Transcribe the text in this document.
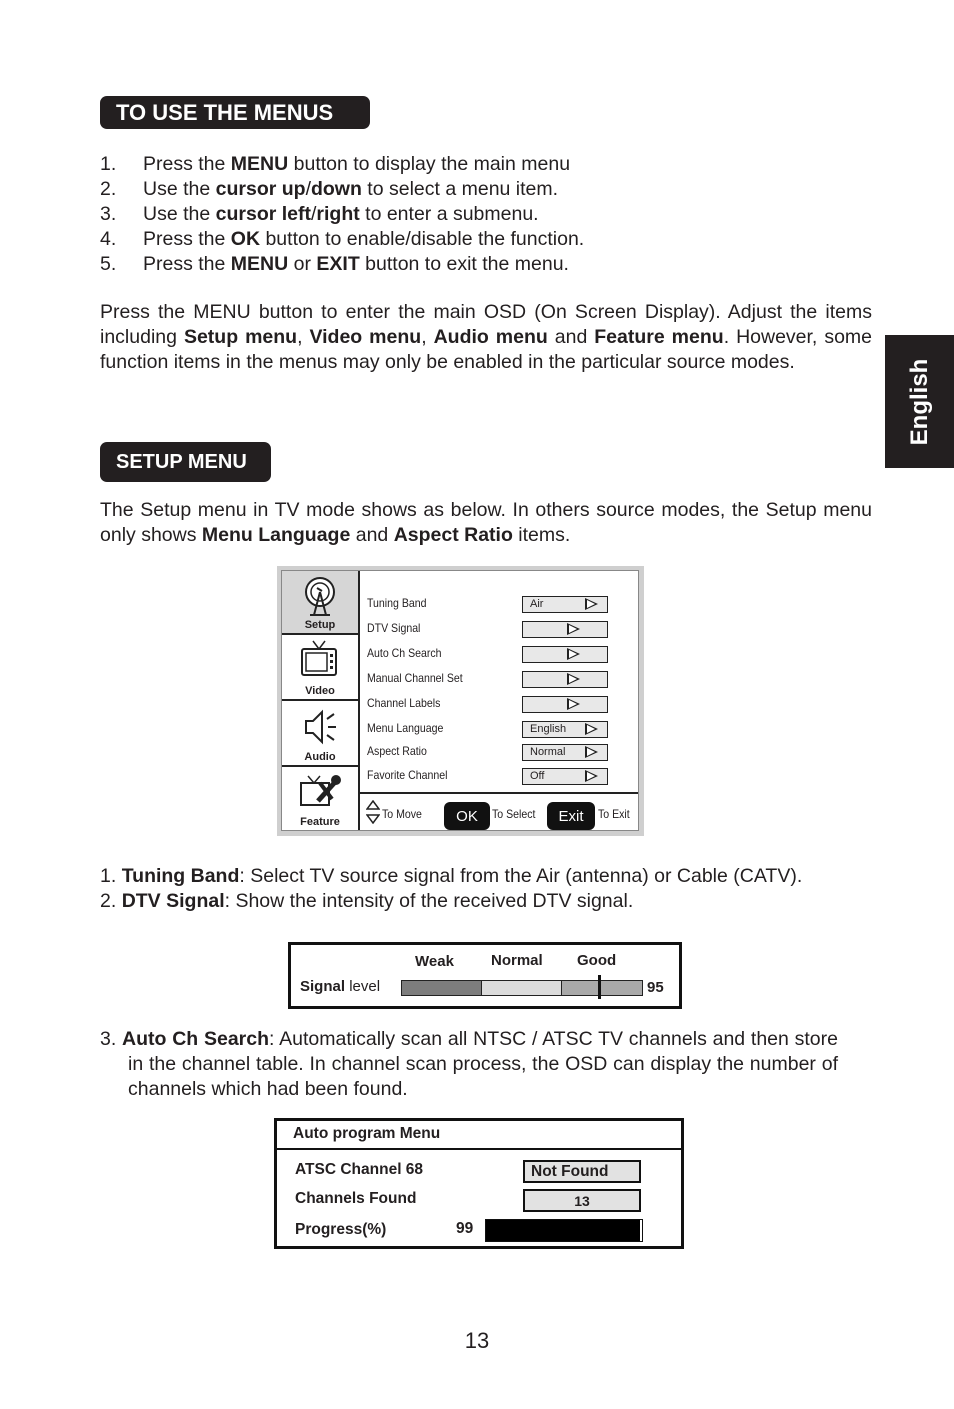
TO USE THE MENUS
1. Press the MENU button to display the main menu
2. Use the cursor up/down to select a menu item.
3. Use the cursor left/right to enter a submenu.
4. Press the OK button to enable/disable the function.
5. Press the MENU or EXIT button to exit the menu.
Press the MENU button to enter the main OSD (On Screen Display). Adjust the items including Setup menu, Video menu, Audio menu and Feature menu. However, some function items in the menus may only be enabled in the particular source modes.	English
SETUP MENU
The Setup menu in TV mode shows as below. In others source modes, the Setup menu only shows Menu Language and Aspect Ratio items.
Setup
Video
Audio
Feature
Tuning Band	Air
DTV Signal
Auto Ch Search
Manual Channel Set
Channel Labels
Menu Language	English
Aspect Ratio	Normal
Favorite Channel	Off
To Move OK To Select Exit To Exit
1. Tuning Band: Select TV source signal from the Air (antenna) or Cable (CATV).
2. DTV Signal: Show the intensity of the received DTV signal.
Weak Normal Good
Signal level	95
3. Auto Ch Search: Automatically scan all NTSC / ATSC TV channels and then store in the channel table. In channel scan process, the OSD can display the number of channels which had been found.
Auto program Menu
ATSC Channel 68	Not Found
Channels Found	13
Progress(%)	99
13
